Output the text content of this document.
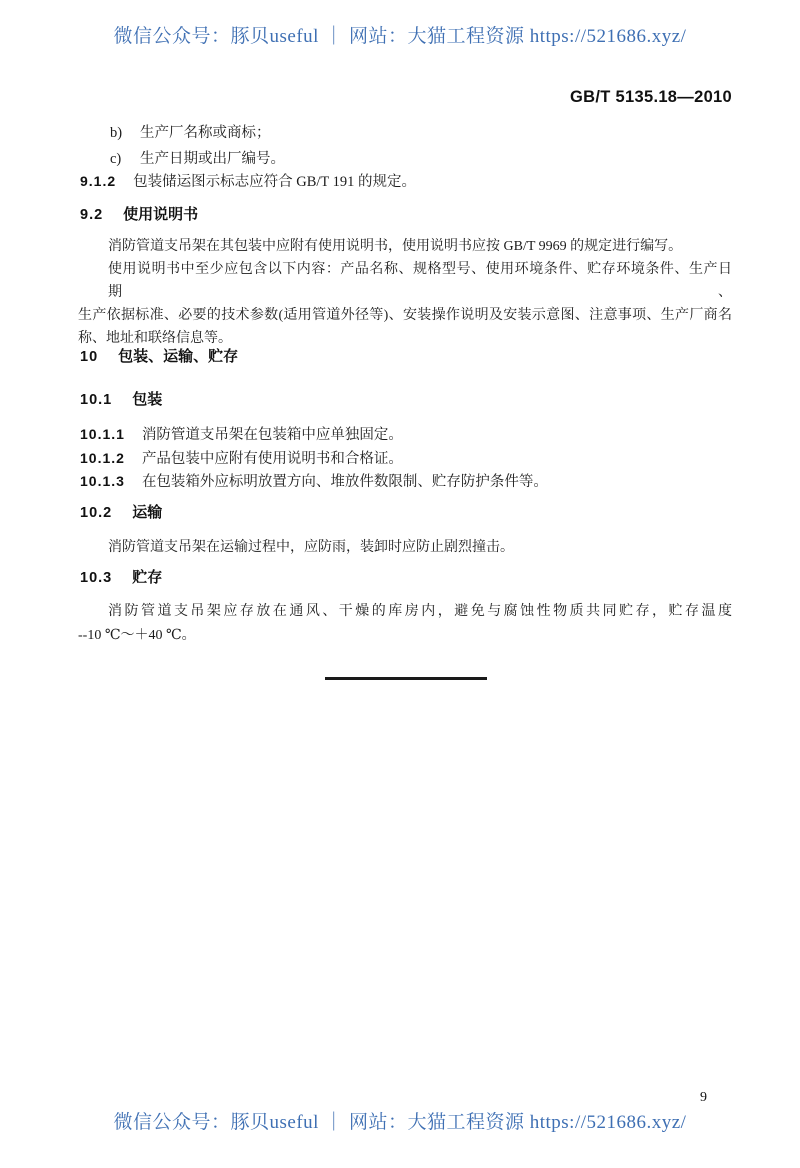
微信公众号：豚贝useful ｜ 网站：大猫工程资源 https://521686.xyz/
GB/T 5135.18—2010
b) 生产厂名称或商标；
c) 生产日期或出厂编号。
9.1.2 包装储运图示标志应符合 GB/T 191 的规定。
9.2 使用说明书
消防管道支吊架在其包装中应附有使用说明书，使用说明书应按 GB/T 9969 的规定进行编写。
使用说明书中至少应包含以下内容：产品名称、规格型号、使用环境条件、贮存环境条件、生产日期、
生产依据标准、必要的技术参数(适用管道外径等)、安装操作说明及安装示意图、注意事项、生产厂商名
称、地址和联络信息等。
10 包装、运输、贮存
10.1 包装
10.1.1 消防管道支吊架在包装箱中应单独固定。
10.1.2 产品包装中应附有使用说明书和合格证。
10.1.3 在包装箱外应标明放置方向、堆放件数限制、贮存防护条件等。
10.2 运输
消防管道支吊架在运输过程中，应防雨，装卸时应防止剧烈撞击。
10.3 贮存
消防管道支吊架应存放在通风、干燥的库房内，避免与腐蚀性物质共同贮存，贮存温度
--10 ℃～＋40 ℃。
9
微信公众号：豚贝useful ｜ 网站：大猫工程资源 https://521686.xyz/
